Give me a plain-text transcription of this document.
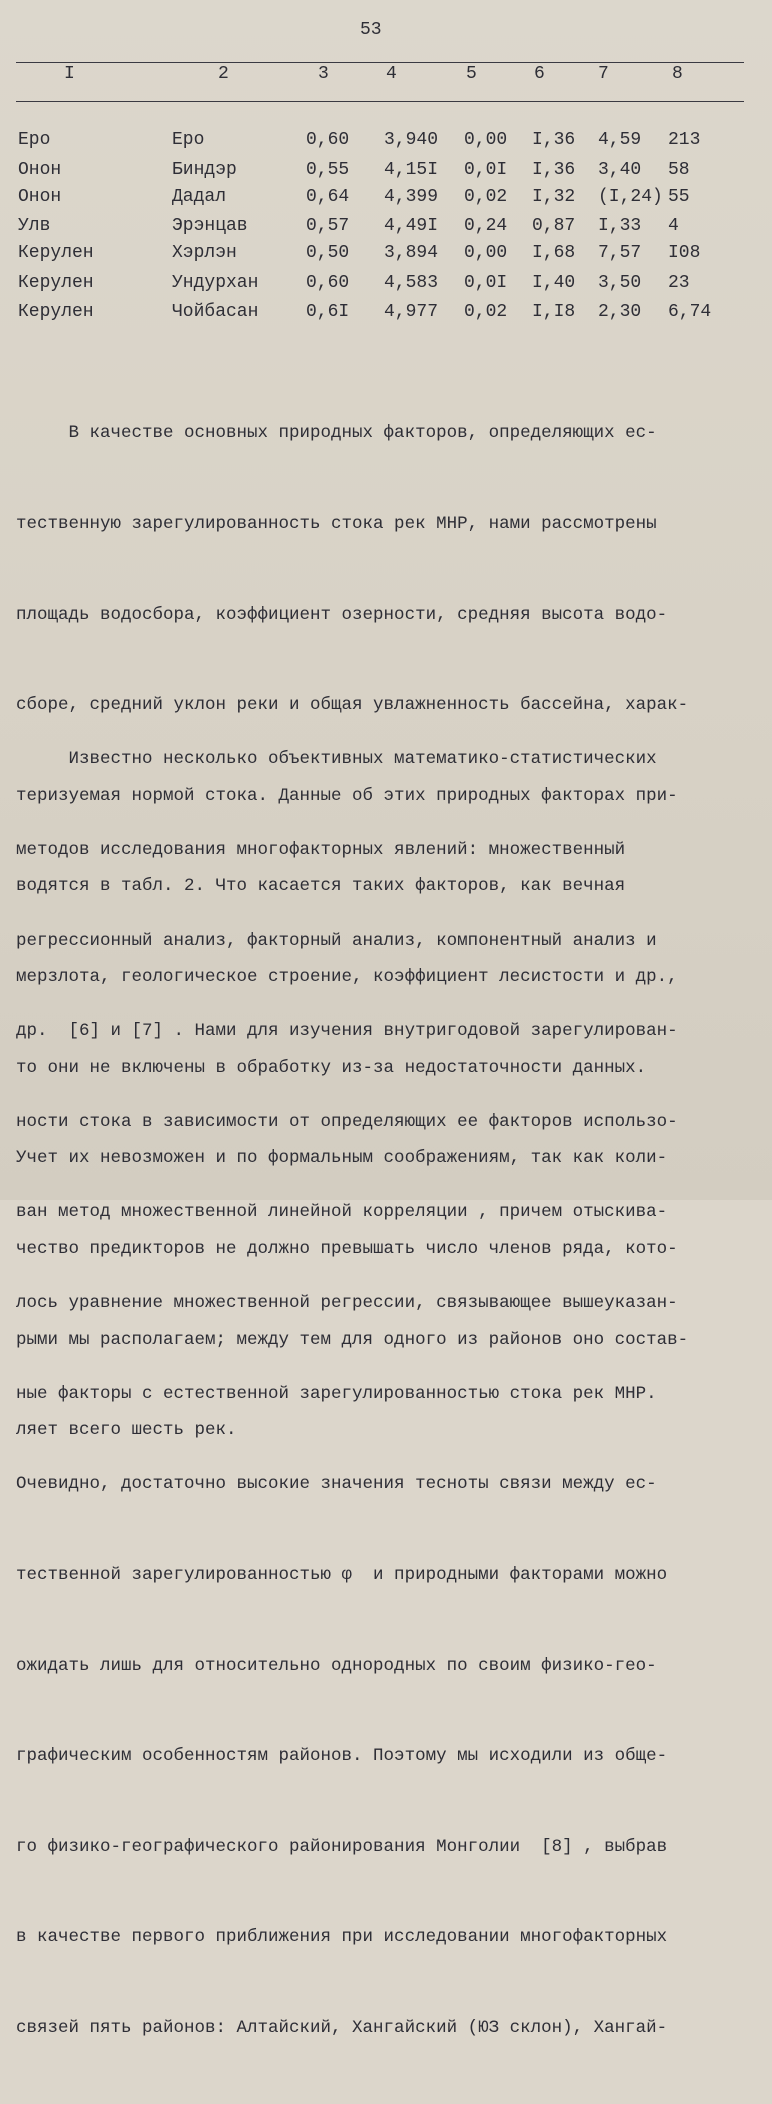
53
I	2	3	4	5	6	7	8
Еро	Еро	0,60 3,940 0,00 I,36 4,59 213
Онон	Биндэр	0,55 4,15I 0,0I I,36 3,40 58
Онон	Дадал	0,64 4,399 0,02 I,32 (I,24) 55
Улв	Эрэнцав	0,57 4,49I 0,24 0,87 I,33 4
Керулен	Хэрлэн	0,50 3,894 0,00 I,68 7,57 I08
Керулен	Ундурхан	0,60 4,583 0,0I I,40 3,50 23
Керулен	Чойбасан	0,6I 4,977 0,02 I,I8 2,30 6,74

В качестве основных природных факторов, определяющих ес-

тественную зарегулированность стока рек МНР, нами рассмотрены

площадь водосбора, коэффициент озерности, средняя высота водо-

сборе, средний уклон реки и общая увлажненность бассейна, харак-

теризуемая нормой стока. Данные об этих природных факторах при-

водятся в табл. 2. Что касается таких факторов, как вечная

мерзлота, геологическое строение, коэффициент лесистости и др.,

то они не включены в обработку из-за недостаточности данных.

Учет их невозможен и по формальным соображениям, так как коли-

чество предикторов не должно превышать число членов ряда, кото-

рыми мы располагаем; между тем для одного из районов оно состав-

ляет всего шесть рек.

Известно несколько объективных математико-статистических

методов исследования многофакторных явлений: множественный

регрессионный анализ, факторный анализ, компонентный анализ и

др.  [6] и [7] . Нами для изучения внутригодовой зарегулирован-

ности стока в зависимости от определяющих ее факторов использо-

ван метод множественной линейной корреляции , причем отыскива-

лось уравнение множественной регрессии, связывающее вышеуказан-

ные факторы с естественной зарегулированностью стока рек МНР.

Очевидно, достаточно высокие значения тесноты связи между ес-

тественной зарегулированностью φ  и природными факторами можно

ожидать лишь для относительно однородных по своим физико-гео-

графическим особенностям районов. Поэтому мы исходили из обще-

го физико-географического районирования Монголии  [8] , выбрав

в качестве первого приближения при исследовании многофакторных

связей пять районов: Алтайский, Хангайский (ЮЗ склон), Хангай-
